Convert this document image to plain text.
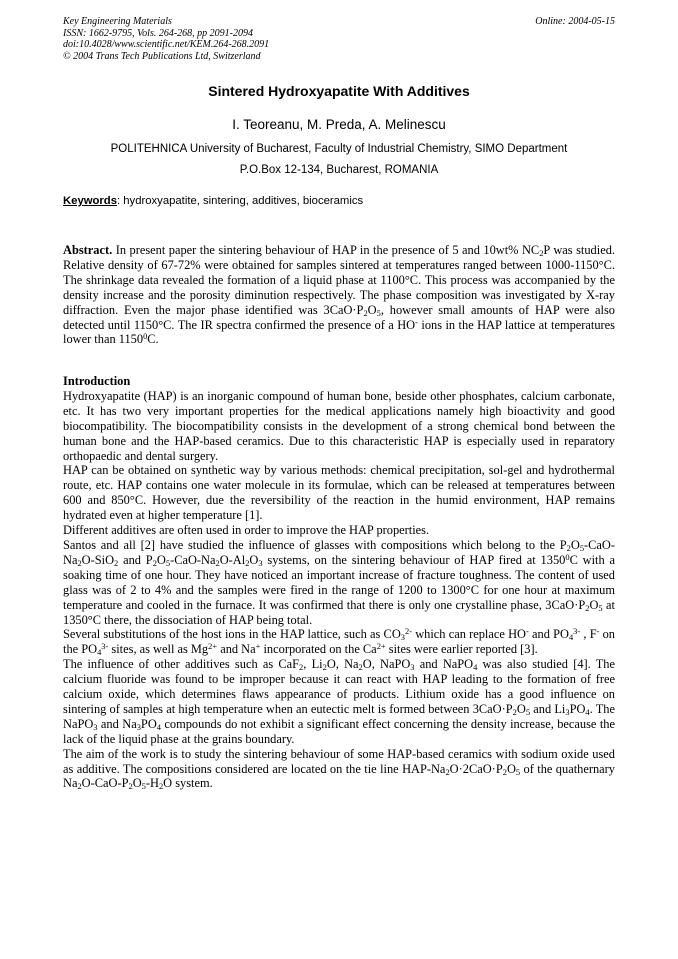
Key Engineering Materials
ISSN: 1662-9795, Vols. 264-268, pp 2091-2094
doi:10.4028/www.scientific.net/KEM.264-268.2091
© 2004 Trans Tech Publications Ltd, Switzerland
Online: 2004-05-15
Sintered Hydroxyapatite With Additives
I. Teoreanu, M. Preda, A. Melinescu
POLITEHNICA University of Bucharest, Faculty of Industrial Chemistry, SIMO Department
P.O.Box 12-134, Bucharest, ROMANIA
Keywords: hydroxyapatite, sintering, additives, bioceramics

Abstract. In present paper the sintering behaviour of HAP in the presence of 5 and 10wt% $NC_2P$ was studied. Relative density of 67-72% were obtained for samples sintered at temperatures ranged between 1000-1150°C. The shrinkage data revealed the formation of a liquid phase at 1100°C. This process was accompanied by the density increase and the porosity diminution respectively. The phase composition was investigated by X-ray diffraction. Even the major phase identified was $3CaO\cdot P_2O_5$, however small amounts of HAP were also detected until 1150°C. The IR spectra confirmed the presence of a HO- ions in the HAP lattice at temperatures lower than 1150$^0$C.

Introduction

Hydroxyapatite (HAP) is an inorganic compound of human bone, beside other phosphates, calcium carbonate, etc. It has two very important properties for the medical applications namely high bioactivity and good biocompatibility. The biocompatibility consists in the development of a strong chemical bond between the human bone and the HAP-based ceramics. Due to this characteristic HAP is especially used in reparatory orthopaedic and dental surgery.

HAP can be obtained on synthetic way by various methods: chemical precipitation, sol-gel and hydrothermal route, etc. HAP contains one water molecule in its formulae, which can be released at temperatures between 600 and 850°C. However, due the reversibility of the reaction in the humid environment, HAP remains hydrated even at higher temperature [1].

Different additives are often used in order to improve the HAP properties.

Santos and all [2] have studied the influence of glasses with compositions which belong to the $P_2O_5-CaO-Na_2O-SiO_2$ and $P_2O_5-CaO-Na_2O-Al_2O_3$ systems, on the sintering behaviour of HAP fired at 1350$^0$C with a soaking time of one hour. They have noticed an important increase of fracture toughness. The content of used glass was of 2 to 4% and the samples were fired in the range of 1200 to 1300°C for one hour at maximum temperature and cooled in the furnace. It was confirmed that there is only one crystalline phase, $3CaO\cdot P_2O_5$ at 1350°C there, the dissociation of HAP being total.

Several substitutions of the host ions in the HAP lattice, such as $CO_3^{2-}$ which can replace HO- and $PO_4^{3-}$ , F- on the $PO_4^{3-}$ sites, as well as $Mg^{2+}$ and Na+ incorporated on the $Ca^{2+}$ sites were earlier reported [3].

The influence of other additives such as CaF$_2$, $Li_2O$, $Na_2O$, NaPO$_3$ and NaPO$_4$ was also studied [4]. The calcium fluoride was found to be improper because it can react with HAP leading to the formation of free calcium oxide, which determines flaws appearance of products. Lithium oxide has a good influence on sintering of samples at high temperature when an eutectic melt is formed between $3CaO\cdot P_2O_5$ and $Li_3PO_4$. The NaPO$_3$ and $Na_3PO_4$ compounds do not exhibit a significant effect concerning the density increase, because the lack of the liquid phase at the grains boundary.

The aim of the work is to study the sintering behaviour of some HAP-based ceramics with sodium oxide used as additive. The compositions considered are located on the tie line HAP-$Na_2O\cdot 2CaO\cdot P_2O_5$ of the quathernary $Na_2O-CaO-P_2O_5-H_2O$ system.
